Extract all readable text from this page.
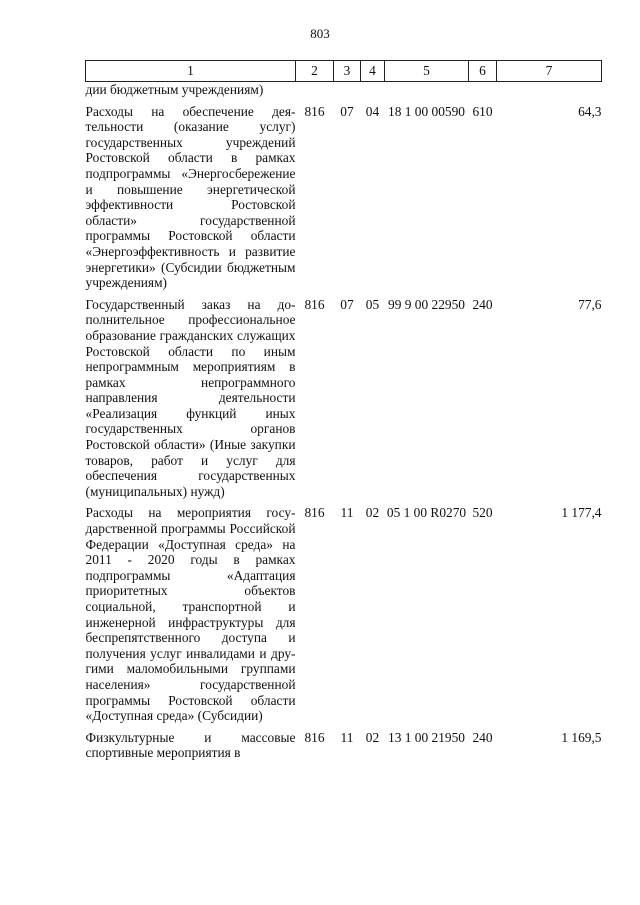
803
1	2	3	4	5	6	7
дии бюджетным учреждениям)						
Расходы на обеспечение деятельности (оказание услуг) государственных учреждений Ростовской области в рамках подпрограммы «Энергосбережение и повышение энергетической эффективности Ростовской области» государственной программы Ростовской области «Энергоэффективность и развитие энергетики» (Субсидии бюджетным учреждениям)	816	07	04	18 1 00 00590	610	64,3
Государственный заказ на дополнительное профессиональное образование гражданских служащих Ростовской области по иным непрограммным мероприятиям в рамках непрограммного направления деятельности «Реализация функций иных государственных органов Ростовской области» (Иные закупки товаров, работ и услуг для обеспечения государственных (муниципальных) нужд)	816	07	05	99 9 00 22950	240	77,6
Расходы на мероприятия государственной программы Российской Федерации «Доступная среда» на 2011 - 2020 годы в рамках подпрограммы «Адаптация приоритетных объектов социальной, транспортной и инженерной инфраструктуры для беспрепятственного доступа и получения услуг инвалидами и другими маломобильными группами населения» государственной программы Ростовской области «Доступная среда» (Субсидии)	816	11	02	05 1 00 R0270	520	1 177,4
Физкультурные и массовые спортивные мероприятия в	816	11	02	13 1 00 21950	240	1 169,5
